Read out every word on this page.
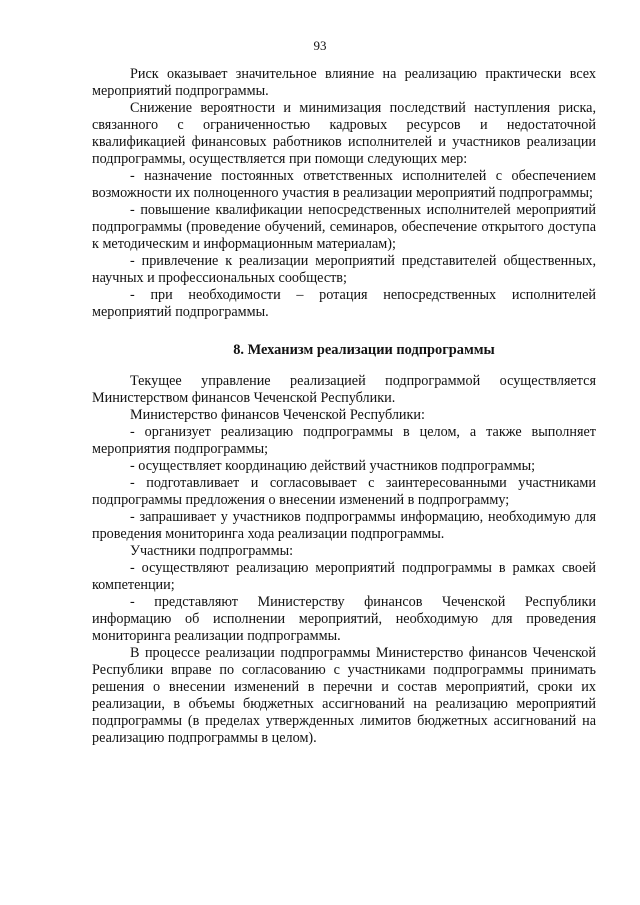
93

Риск оказывает значительное влияние на реализацию практически всех мероприятий подпрограммы.

Снижение вероятности и минимизация последствий наступления риска, связанного с ограниченностью кадровых ресурсов и недостаточной квалификацией финансовых работников исполнителей и участников реализации подпрограммы, осуществляется при помощи следующих мер:

- назначение постоянных ответственных исполнителей с обеспечением возможности их полноценного участия в реализации мероприятий подпрограммы;

- повышение квалификации непосредственных исполнителей мероприятий подпрограммы (проведение обучений, семинаров, обеспечение открытого доступа к методическим и информационным материалам);

- привлечение к реализации мероприятий представителей общественных, научных и профессиональных сообществ;

- при необходимости – ротация непосредственных исполнителей мероприятий подпрограммы.

8. Механизм реализации подпрограммы

Текущее управление реализацией подпрограммой осуществляется Министерством финансов Чеченской Республики.

Министерство финансов Чеченской Республики:

- организует реализацию подпрограммы в целом, а также выполняет мероприятия подпрограммы;

- осуществляет координацию действий участников подпрограммы;

- подготавливает и согласовывает с заинтересованными участниками подпрограммы предложения о внесении изменений в подпрограмму;

- запрашивает у участников подпрограммы информацию, необходимую для проведения мониторинга хода реализации подпрограммы.

Участники подпрограммы:

- осуществляют реализацию мероприятий подпрограммы в рамках своей компетенции;

- представляют Министерству финансов Чеченской Республики информацию об исполнении мероприятий, необходимую для проведения мониторинга реализации подпрограммы.

В процессе реализации подпрограммы Министерство финансов Чеченской Республики вправе по согласованию с участниками подпрограммы принимать решения о внесении изменений в перечни и состав мероприятий, сроки их реализации, в объемы бюджетных ассигнований на реализацию мероприятий подпрограммы (в пределах утвержденных лимитов бюджетных ассигнований на реализацию подпрограммы в целом).
